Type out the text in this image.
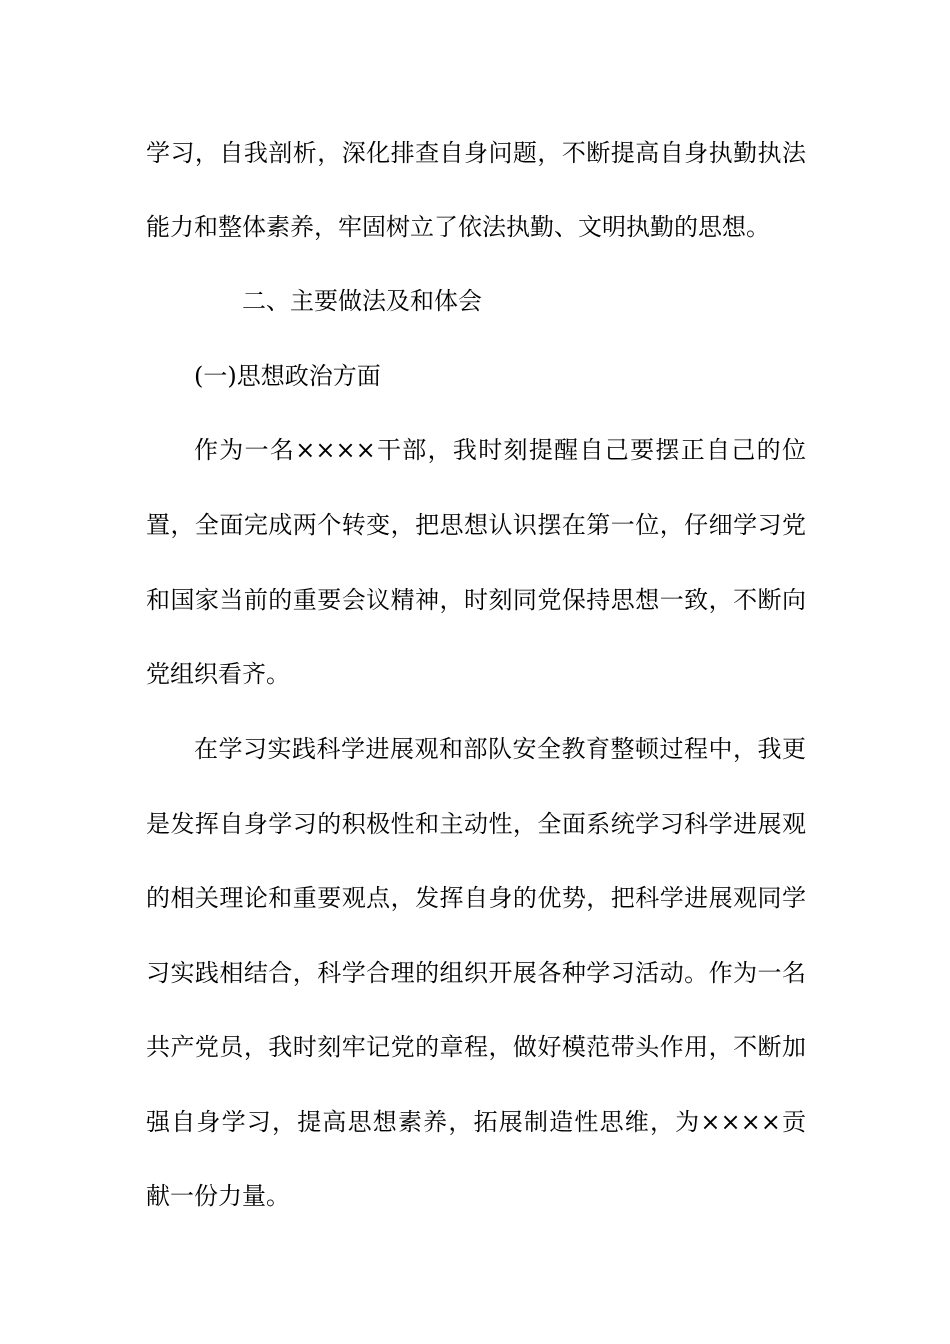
学习，自我剖析，深化排查自身问题，不断提高自身执勤执法
能力和整体素养，牢固树立了依法执勤、文明执勤的思想。
二、主要做法及和体会
(一)思想政治方面
作为一名××××干部，我时刻提醒自己要摆正自己的位
置，全面完成两个转变，把思想认识摆在第一位，仔细学习党
和国家当前的重要会议精神，时刻同党保持思想一致，不断向
党组织看齐。
在学习实践科学进展观和部队安全教育整顿过程中，我更
是发挥自身学习的积极性和主动性，全面系统学习科学进展观
的相关理论和重要观点，发挥自身的优势，把科学进展观同学
习实践相结合，科学合理的组织开展各种学习活动。作为一名
共产党员，我时刻牢记党的章程，做好模范带头作用，不断加
强自身学习，提高思想素养，拓展制造性思维，为××××贡
献一份力量。
